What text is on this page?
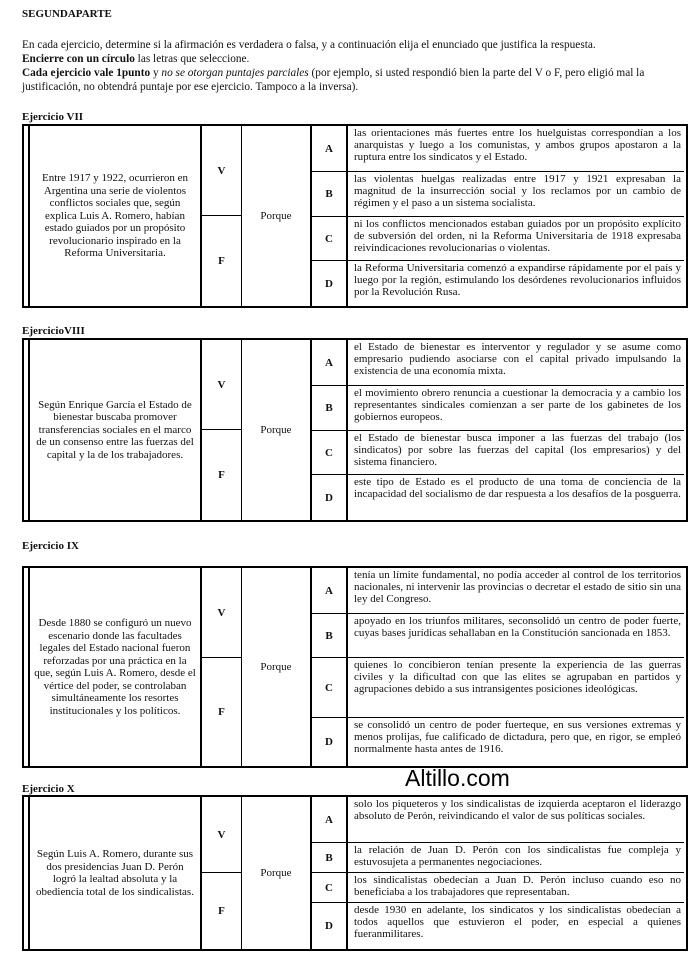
SEGUNDAPARTE

En cada ejercicio, determine si la afirmación es verdadera o falsa, y a continuación elija el enunciado que justifica la respuesta.

Encierre con un círculo las letras que seleccione.

Cada ejercicio vale 1punto y no se otorgan puntajes parciales (por ejemplo, si usted respondió bien la parte del V o F, pero eligió mal la justificación, no obtendrá puntaje por ese ejercicio. Tampoco a la inversa).

Ejercicio VII
Entre 1917 y 1922, ocurrieron en Argentina una serie de violentos conflictos sociales que, según explica Luis A. Romero, habían estado guiados por un propósito revolucionario inspirado en la Reforma Universitaria.
V
F
Porque
A
las orientaciones más fuertes entre los huelguistas correspondían a los anarquistas y luego a los comunistas, y ambos grupos apostaron a la ruptura entre los sindicatos y el Estado.
B
las violentas huelgas realizadas entre 1917 y 1921 expresaban la magnitud de la insurrección social y los reclamos por un cambio de régimen y el paso a un sistema socialista.
C
ni los conflictos mencionados estaban guiados por un propósito explícito de subversión del orden, ni la Reforma Universitaria de 1918 expresaba reivindicaciones revolucionarias o violentas.
D
la Reforma Universitaria comenzó a expandirse rápidamente por el país y luego por la región, estimulando los desórdenes revolucionarios influidos por la Revolución Rusa.
EjercicioVIII
Según Enrique García el Estado de bienestar buscaba promover transferencias sociales en el marco de un consenso entre las fuerzas del capital y la de los trabajadores.
V
F
Porque
A
el Estado de bienestar es interventor y regulador y se asume como empresario pudiendo asociarse con el capital privado impulsando la existencia de una economía mixta.
B
el movimiento obrero renuncia a cuestionar la democracia y a cambio los representantes sindicales comienzan a ser parte de los gabinetes de los gobiernos europeos.
C
el Estado de bienestar busca imponer a las fuerzas del trabajo (los sindicatos) por sobre las fuerzas del capital (los empresarios) y del sistema financiero.
D
este tipo de Estado es el producto de una toma de conciencia de la incapacidad del socialismo de dar respuesta a los desafíos de la posguerra.
Ejercicio IX
Desde 1880 se configuró un nuevo escenario donde las facultades legales del Estado nacional fueron reforzadas por una práctica en la que, según Luis A. Romero, desde el vértice del poder, se controlaban simultáneamente los resortes institucionales y los políticos.
V
F
Porque
A
tenía un límite fundamental, no podía acceder al control de los territorios nacionales, ni intervenir las provincias o decretar el estado de sitio sin una ley del Congreso.
B
apoyado en los triunfos militares, seconsolidó un centro de poder fuerte, cuyas bases jurídicas sehallaban en la Constitución sancionada en 1853.
C
quienes lo concibieron tenían presente la experiencia de las guerras civiles y la dificultad con que las elites se agrupaban en partidos y agrupaciones debido a sus intransigentes posiciones ideológicas.
D
se consolidó un centro de poder fuerteque, en sus versiones extremas y menos prolijas, fue calificado de dictadura, pero que, en rigor, se empleó normalmente hasta antes de 1916.
Altillo.com
Ejercicio X
Según Luis A. Romero, durante sus dos presidencias Juan D. Perón logró la lealtad absoluta y la obediencia total de los sindicalistas.
V
F
Porque
A
solo los piqueteros y los sindicalistas de izquierda aceptaron el liderazgo absoluto de Perón, reivindicando el valor de sus políticas sociales.
B
la relación de Juan D. Perón con los sindicalistas fue compleja y estuvosujeta a permanentes negociaciones.
C
los sindicalistas obedecían a Juan D. Perón incluso cuando eso no beneficiaba a los trabajadores que representaban.
D
desde 1930 en adelante, los sindicatos y los sindicalistas obedecían a todos aquellos que estuvieron el poder, en especial a quienes fueranmilitares.
